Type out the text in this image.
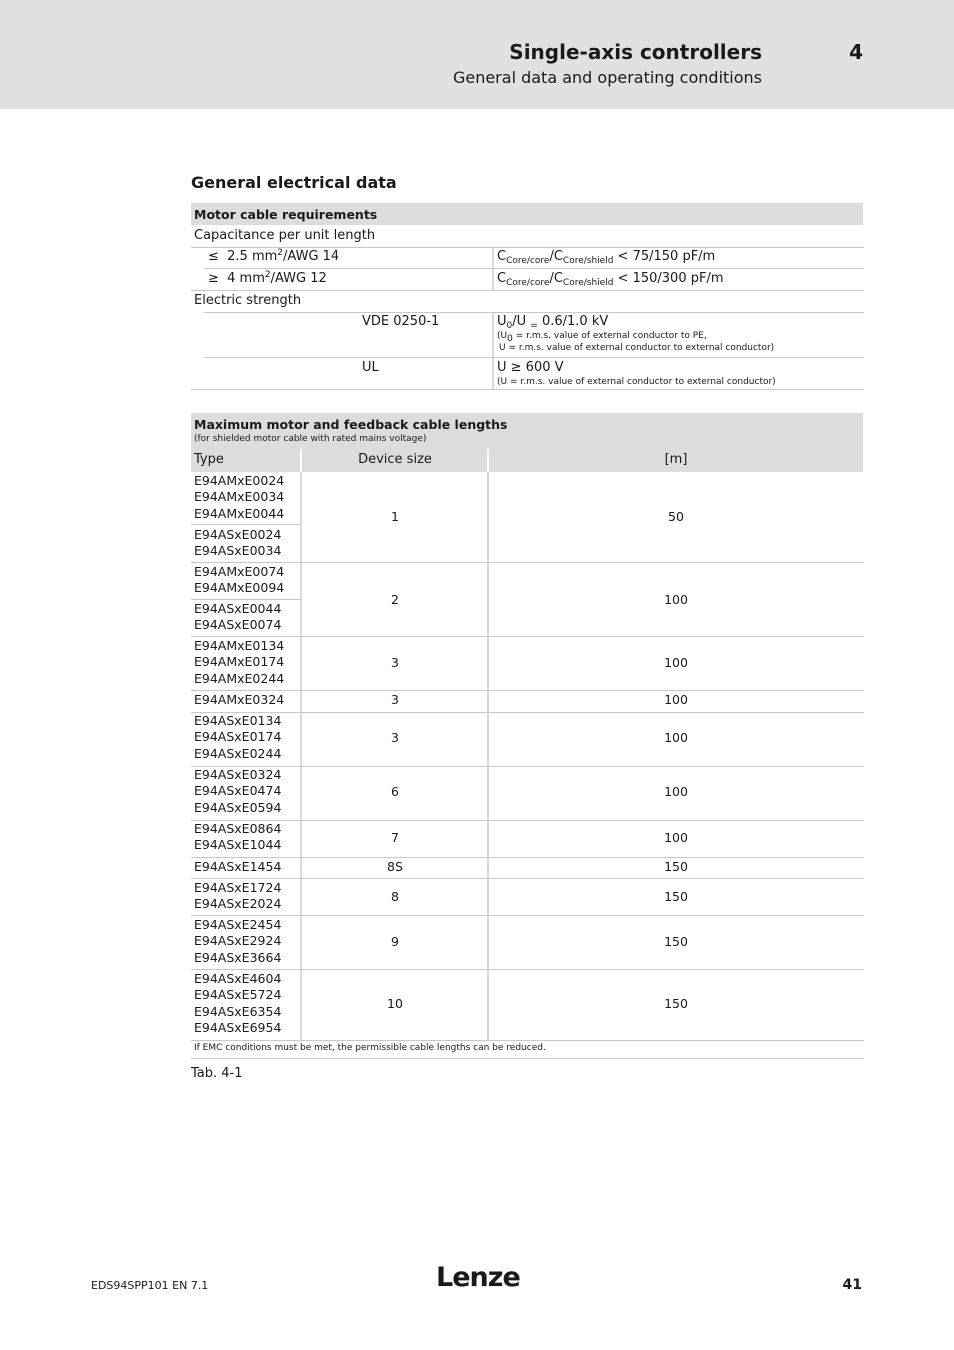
Single-axis controllers	4
General data and operating conditions
General electrical data
Motor cable requirements
Capacitance per unit length
≤  2.5 $mm^2$/AWG 14	$C_{Core/core}/C_{Core/shield} < 75/150$ pF/m
≥  4 $mm^2$/AWG 12	$C_{Core/core}/C_{Core/shield} < 150/300$ pF/m
Electric strength
VDE 0250-1	$U_0/U$ $_=$ 0.6/1.0 kV
($U_0 = r.m.s$. value of external conductor to PE,
U = r.m.s. value of external conductor to external conductor)
UL	U ≥ 600 V
(U = r.m.s. value of external conductor to external conductor)
Maximum motor and feedback cable lengths
(for shielded motor cable with rated mains voltage)
Type	Device size	[m]
E94AMxE0024
E94AMxE0034
E94AMxE0044
E94ASxE0024
E94ASxE0034
1	50
E94AMxE0074
E94AMxE0094
E94ASxE0044
E94ASxE0074
2	100
E94AMxE0134
E94AMxE0174
E94AMxE0244
3	100
E94AMxE0324	3	100
E94ASxE0134
E94ASxE0174
E94ASxE0244
3	100
E94ASxE0324
E94ASxE0474
E94ASxE0594
6	100
E94ASxE0864
E94ASxE1044	7	100
E94ASxE1454	8S	150
E94ASxE1724
E94ASxE2024	8	150
E94ASxE2454
E94ASxE2924
E94ASxE3664
9	150
E94ASxE4604
E94ASxE5724
E94ASxE6354
E94ASxE6954
10	150
If EMC conditions must be met, the permissible cable lengths can be reduced.
Tab. 4-1
EDS94SPP101 EN 7.1	Lenze	41
